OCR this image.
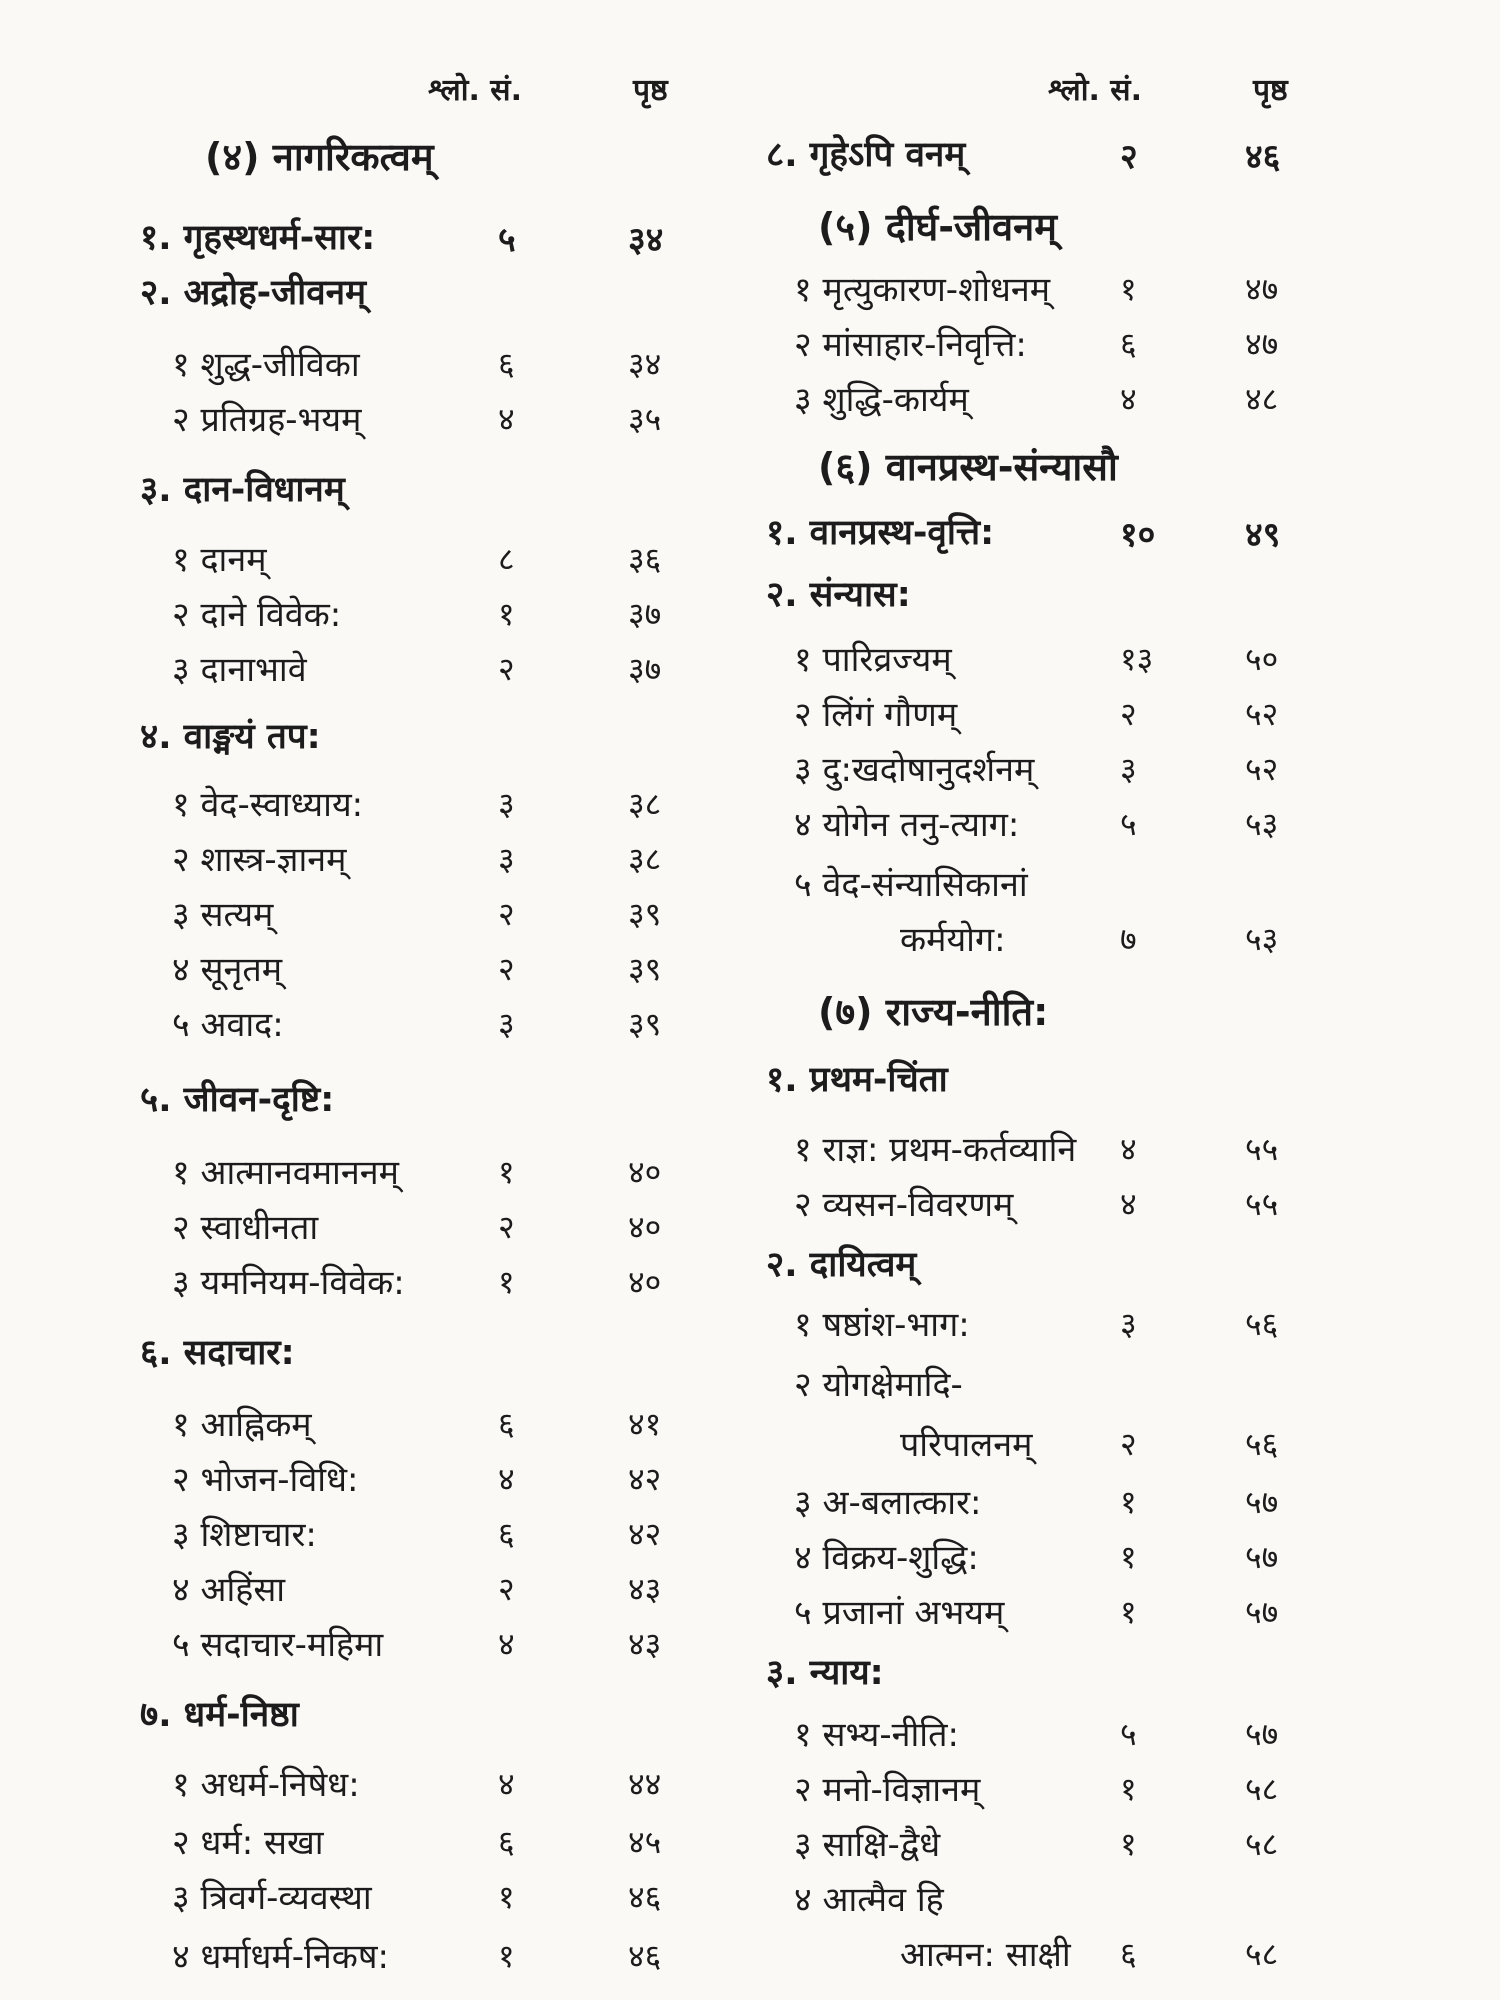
श्लो. सं.	पृष्ठ
(४) नागरिकत्वम्
१. गृहस्थधर्म-सार:	५	३४
२. अद्रोह-जीवनम्
१ शुद्ध-जीविका	६	३४
२ प्रतिग्रह-भयम्	४	३५
३. दान-विधानम्
१ दानम्	८	३६
२ दाने विवेक:	१	३७
३ दानाभावे	२	३७
४. वाङ्मयं तप:
१ वेद-स्वाध्याय:	३	३८
२ शास्त्र-ज्ञानम्	३	३८
३ सत्यम्	२	३९
४ सूनृतम्	२	३९
५ अवाद:	३	३९
५. जीवन-दृष्टि:
१ आत्मानवमाननम्	१	४०
२ स्वाधीनता	२	४०
३ यमनियम-विवेक:	१	४०
६. सदाचार:
१ आह्निकम्	६	४१
२ भोजन-विधि:	४	४२
३ शिष्टाचार:	६	४२
४ अहिंसा	२	४३
५ सदाचार-महिमा	४	४३
७. धर्म-निष्ठा
१ अधर्म-निषेध:	४	४४
२ धर्म: सखा	६	४५
३ त्रिवर्ग-व्यवस्था	१	४६
४ धर्माधर्म-निकष:	१	४६
श्लो. सं.	पृष्ठ
८. गृहेऽपि वनम्	२	४६
(५) दीर्घ-जीवनम्
१ मृत्युकारण-शोधनम् १	४७
२ मांसाहार-निवृत्ति:	६	४७
३ शुद्धि-कार्यम्	४	४८
(६) वानप्रस्थ-संन्यासौ
१. वानप्रस्थ-वृत्ति:	१०	४९
२. संन्यास:
१ पारिव्रज्यम्	१३	५०
२ लिंगं गौणम्	२	५२
३ दु:खदोषानुदर्शनम्	३	५२
४ योगेन तनु-त्याग:	५	५३
५ वेद-संन्यासिकानां
कर्मयोग:	७	५३
(७) राज्य-नीति:
१. प्रथम-चिंता
१ राज्ञ: प्रथम-कर्तव्यानि ४	५५
२ व्यसन-विवरणम्	४	५५
२. दायित्वम्
१ षष्ठांश-भाग:	३	५६
२ योगक्षेमादि-
परिपालनम्	२	५६
३ अ-बलात्कार:	१	५७
४ विक्रय-शुद्धि:	१	५७
५ प्रजानां अभयम्	१	५७
३. न्याय:
१ सभ्य-नीति:	५	५७
२ मनो-विज्ञानम्	१	५८
३ साक्षि-द्वैधे	१	५८
४ आत्मैव हि
आत्मन: साक्षी ६	५८
